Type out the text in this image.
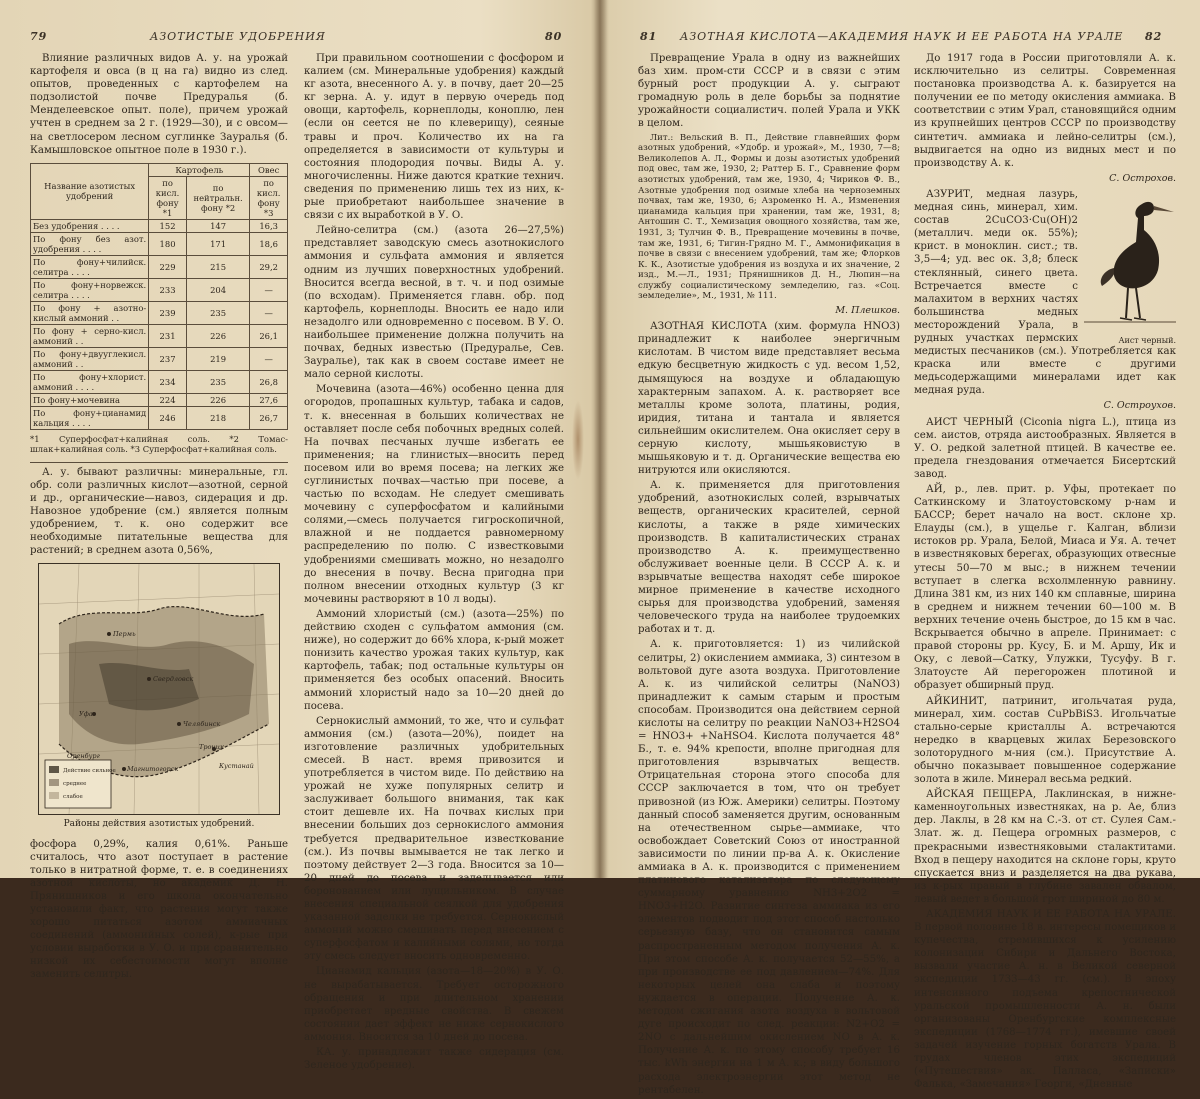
79	АЗОТИСТЫЕ УДОБРЕНИЯ	80

Влияние различных видов А. у. на урожай картофеля и овса (в ц на га) видно из след. опытов, проведенных с картофелем на подзолистой почве Предуралья (б. Менделеевское опыт. поле), причем урожай учтен в среднем за 2 г. (1929—30), и с овсом—на светлосером лесном суглинке Зауралья (б. Камышловское опытное поле в 1930 г.).

Название азотистых удобрений	Картофель		Овес
	по кисл. фону *1	по нейтральн. фону *2	по кисл. фону *3
Без удобрения . . . .	152	147	16,3
По фону без азот. удобрения . . . .	180	171	18,6
По фону+чилийск. селитра . . . .	229	215	29,2
По фону+норвежск. селитра . . . .	233	204	—
По фону + азотно-кислый аммоний . .	239	235	—
По фону + серно-кисл. аммоний . .	231	226	26,1
По фону+двууглекисл. аммоний . .	237	219	—
По фону+хлорист. аммоний . . . .	234	235	26,8
По фону+мочевина	224	226	27,6
По фону+цианамид кальция . . . .	246	218	26,7
*1 Суперфосфат+калийная соль. *2 Томас-шлак+калийная соль. *3 Суперфосфат+калийная соль.

А. у. бывают различны: минеральные, гл. обр. соли различных кислот—азотной, серной и др., органические—навоз, сидерация и др. Навозное удобрение (см.) является полным удобрением, т. к. оно содержит все необходимые питательные вещества для растений; в среднем азота 0,56%,

Пермь
Свердловск
Челябинск
Уфа
Магнитогорск
Троицк
Кустанай
Оренбург
Действие сильное
среднее
слабое
Районы действия азотистых удобрений.

фосфора 0,29%, калия 0,61%. Раньше считалось, что азот поступает в растение только в нитратной форме, т. е. в соединениях азотной кислоты, но академик Д. Н. Прянишников и его школа окончательно установили факт, что растения могут также хорошо питаться азотом аммиачных соединений (аммонийных солей), к-рые при условии выработки в У. О. и при сравнительно низкой их себестоимости могут вполне заменить селитры.

При правильном соотношении с фосфором и калием (см. Минеральные удобрения) каждый кг азота, внесенного А. у. в почву, дает 20—25 кг зерна. А. у. идут в первую очередь под овощи, картофель, корнеплоды, коноплю, лен (если он сеется не по клеверищу), сеяные травы и проч. Количество их на га определяется в зависимости от культуры и состояния плодородия почвы. Виды А. у. многочисленны. Ниже даются краткие технич. сведения по применению лишь тех из них, к-рые приобретают наибольшее значение в связи с их выработкой в У. О.

Лейно-селитра (см.) (азота 26—27,5%) представляет заводскую смесь азотнокислого аммония и сульфата аммония и является одним из лучших поверхностных удобрений. Вносится всегда весной, в т. ч. и под озимые (по всходам). Применяется главн. обр. под картофель, корнеплоды. Вносить ее надо или незадолго или одновременно с посевом. В У. О. наибольшее применение должна получить на почвах, бедных известью (Предуралье, Сев. Зауралье), так как в своем составе имеет не мало серной кислоты.

Мочевина (азота—46%) особенно ценна для огородов, пропашных культур, табака и садов, т. к. внесенная в больших количествах не оставляет после себя побочных вредных солей. На почвах песчаных лучше избегать ее применения; на глинистых—вносить перед посевом или во время посева; на легких же суглинистых почвах—частью при посеве, а частью по всходам. Не следует смешивать мочевину с суперфосфатом и калийными солями,—смесь получается гигроскопичной, влажной и не поддается равномерному распределению по полю. С известковыми удобрениями смешивать можно, но незадолго до внесения в почву. Весна пригодна при полном внесении отходных культур (3 кг мочевины растворяют в 10 л воды).

Аммоний хлористый (см.) (азота—25%) по действию сходен с сульфатом аммония (см. ниже), но содержит до 66% хлора, к-рый может понизить качество урожая таких культур, как картофель, табак; под остальные культуры он применяется без особых опасений. Вносить аммоний хлористый надо за 10—20 дней до посева.

Сернокислый аммоний, то же, что и сульфат аммония (см.) (азота—20%), поидет на изготовление различных удобрительных смесей. В наст. время привозится и употребляется в чистом виде. По действию на урожай не хуже популярных селитр и заслуживает большого внимания, так как стоит дешевле их. На почвах кислых при внесении больших доз сернокислого аммония требуется предварительное известкование (см.). Из почвы вымывается не так легко и поэтому действует 2—3 года. Вносится за 10—20 дней до посева и заделывается или боронованием или лущильником. В случае внесения специальной сеялкой для удобрения указанной заделки не требуется. Сернокислый аммоний можно смешивать перед внесением с суперфосфатом и калийными солями, но тогда эту смесь следует вносить одновременно.

Цианамид кальция (азота—18—20%) в У. О. не вырабатывается. Требует осторожного обращения и при длительном хранении приобретает вредные свойства. В свежем состоянии дает эффект не ниже сернокислого аммония. Вносится за 10 дней до посева.

КА. у. принадлежит также сидерация (см. Зеленое удобрение).

81 АЗОТНАЯ КИСЛОТА—АКАДЕМИЯ НАУК И ЕЕ РАБОТА НА УРАЛЕ 82

Превращение Урала в одну из важнейших баз хим. пром-сти СССР и в связи с этим бурный рост продукции А. у. сыграют громадную роль в деле борьбы за поднятие урожайности социалистич. полей Урала и УКК в целом.

Лит.: Вельский В. П., Действие главнейших форм азотных удобрений, «Удобр. и урожай», М., 1930, 7—8; Великолепов А. Л., Формы и дозы азотистых удобрений под овес, там же, 1930, 2; Раттер Б. Г., Сравнение форм азотистых удобрений, там же, 1930, 4; Чириков Ф. В., Азотные удобрения под озимые хлеба на черноземных почвах, там же, 1930, 6; Азроменко Н. А., Изменения цианамида кальция при хранении, там же, 1931, 8; Антошин С. Т., Хемизация овощного хозяйства, там же, 1931, 3; Тулчин Ф. В., Превращение мочевины в почве, там же, 1931, 6; Тигин-Грядно М. Г., Аммонификация в почве в связи с внесением удобрений, там же; Флорков К. К., Азотистые удобрения из воздуха и их значение, 2 изд., М.—Л., 1931; Прянишников Д. Н., Люпин—на службу социалистическому земледелию, газ. «Соц. земледелие», М., 1931, № 111.

М. Плешков.

АЗОТНАЯ КИСЛОТА (хим. формула HNO3) принадлежит к наиболее энергичным кислотам. В чистом виде представляет весьма едкую бесцветную жидкость с уд. весом 1,52, дымящуюся на воздухе и обладающую характерным запахом. А. к. растворяет все металлы кроме золота, платины, родия, иридия, титана и тантала и является сильнейшим окислителем. Она окисляет серу в серную кислоту, мышьяковистую в мышьяковую и т. д. Органические вещества ею нитруются или окисляются.

А. к. применяется для приготовления удобрений, азотнокислых солей, взрывчатых веществ, органических красителей, серной кислоты, а также в ряде химических производств. В капиталистических странах производство А. к. преимущественно обслуживает военные цели. В СССР А. к. и взрывчатые вещества находят себе широкое мирное применение в качестве исходного сырья для производства удобрений, заменяя человеческого труда на наиболее трудоемких работах и т. д.

А. к. приготовляется: 1) из чилийской селитры, 2) окислением аммиака, 3) синтезом в вольтовой дуге азота воздуха. Приготовление А. к. из чилийской селитры (NaNO3) принадлежит к самым старым и простым способам. Производится она действием серной кислоты на селитру по реакции NaNO3+H2SO4 = HNO3+ +NaHSO4. Кислота получается 48° Б., т. е. 94% крепости, вполне пригодная для приготовления взрывчатых веществ. Отрицательная сторона этого способа для СССР заключается в том, что он требует привозной (из Юж. Америки) селитры. Поэтому данный способ заменяется другим, основанным на отечественном сырье—аммиаке, что освобождает Советский Союз от иностранной зависимости по линии пр-ва А. к. Окисление аммиака в А. к. производится с применением платинового катализатора по следующему суммарному уравнению NH3+2O2 = HNO3+H2O. Развитие синтеза аммиака из его элементов подводит под этот способ настолько серьезную базу, что он становится самым распространенным методом получения А. к. При этом способе А. к. получается 52—55%, а при производстве ее под давлением—74%. Для некоторых целей она слаба и поэтому нуждается в операции. Получение А. к. методом сжигания азота воздуха в вольтовой дуге происходит по след. реакции: N2+O2 = 2NO с дальнейшим окислением NO в А. к. Получение А. к. по этому способу требует 16 тыс. kWh энергии на 1 м А. к.; в виду большого расхода электроэнергии этот метод не рентабелен.

До 1917 года в России приготовляли А. к. исключительно из селитры. Современная постановка производства А. к. базируется на получении ее по методу окисления аммиака. В соответствии с этим Урал, становящийся одним из крупнейших центров СССР по производству синтетич. аммиака и лейно-селитры (см.), выдвигается на одно из видных мест и по производству А. к.

С. Острохов.
Аист черный.

АЗУРИТ, медная лазурь, медная синь, минерал, хим. состав 2CuCO3·Cu(OH)2 (металлич. меди ок. 55%); крист. в моноклин. сист.; тв. 3,5—4; уд. вес ок. 3,8; блеск стеклянный, синего цвета. Встречается вместе с малахитом в верхних частях большинства медных месторождений Урала, в рудных участках пермских медистых песчаников (см.). Употребляется как краска или вместе с другими медьсодержащими минералами идет как медная руда.

С. Остроухов.

АИСТ ЧЕРНЫЙ (Ciconia nigra L.), птица из сем. аистов, отряда аистообразных. Является в У. О. редкой залетной птицей. В качестве ее. предела гнездования отмечается Бисертский завод.

АЙ, р., лев. прит. р. Уфы, протекает по Саткинскому и Златоустовскому р-нам и БАССР; берет начало на вост. склоне хр. Елауды (см.), в ущелье г. Калган, вблизи истоков рр. Урала, Белой, Миаса и Уя. А. течет в известняковых берегах, образующих отвесные утесы 50—70 м выс.; в нижнем течении вступает в слегка всхолмленную равнину. Длина 381 км, из них 140 км сплавные, ширина в среднем и нижнем течении 60—100 м. В верхних течение очень быстрое, до 15 км в час. Вскрывается обычно в апреле. Принимает: с правой стороны рр. Кусу, Б. и М. Аршу, Ик и Оку, с левой—Сатку, Улужки, Тусуфу. В г. Златоусте Ай перегорожен плотиной и образует обширный пруд.

АЙКИНИТ, патринит, игольчатая руда, минерал, хим. состав CuPbBiS3. Игольчатые стально-серые кристаллы А. встречаются нередко в кварцевых жилах Березовского золоторудного м-ния (см.). Присутствие А. обычно показывает повышенное содержание золота в жиле. Минерал весьма редкий.

АЙСКАЯ ПЕЩЕРА, Лаклинская, в нижне-каменноугольных известняках, на р. Ае, близ дер. Лаклы, в 28 км на С.-З. от ст. Сулея Сам.-Злат. ж. д. Пещера огромных размеров, с прекрасными известняковыми сталактитами. Вход в пещеру находится на склоне горы, круто спускается вниз и разделяется на два рукава, из к-рых правый в глубине завален обвалом, левый ведет в большой грот шириной до 80 м.

АКАДЕМИЯ НАУК И ЕЕ РАБОТА НА УРАЛЕ. В первой половине 18 в. интересы помещиков и купечества, стремившихся к усилению колонизации Сибири и Дальнего Востока, вызвали участие А. н. в Великой северной экспедиции 1733—43 гг. (см.). В эпоху интенсивного подъема крепостнической уральской промышленности А. н. были организованы Оренбургские комплексные экспедиции (1768—1774 гг.), имевшие своей задачей изучение горных богатств Урала. В трудах членов этих экспедиций («Путешествия» ак. Палласа, «Записки» Фалька, «Замечания» Георги, «Дневные
